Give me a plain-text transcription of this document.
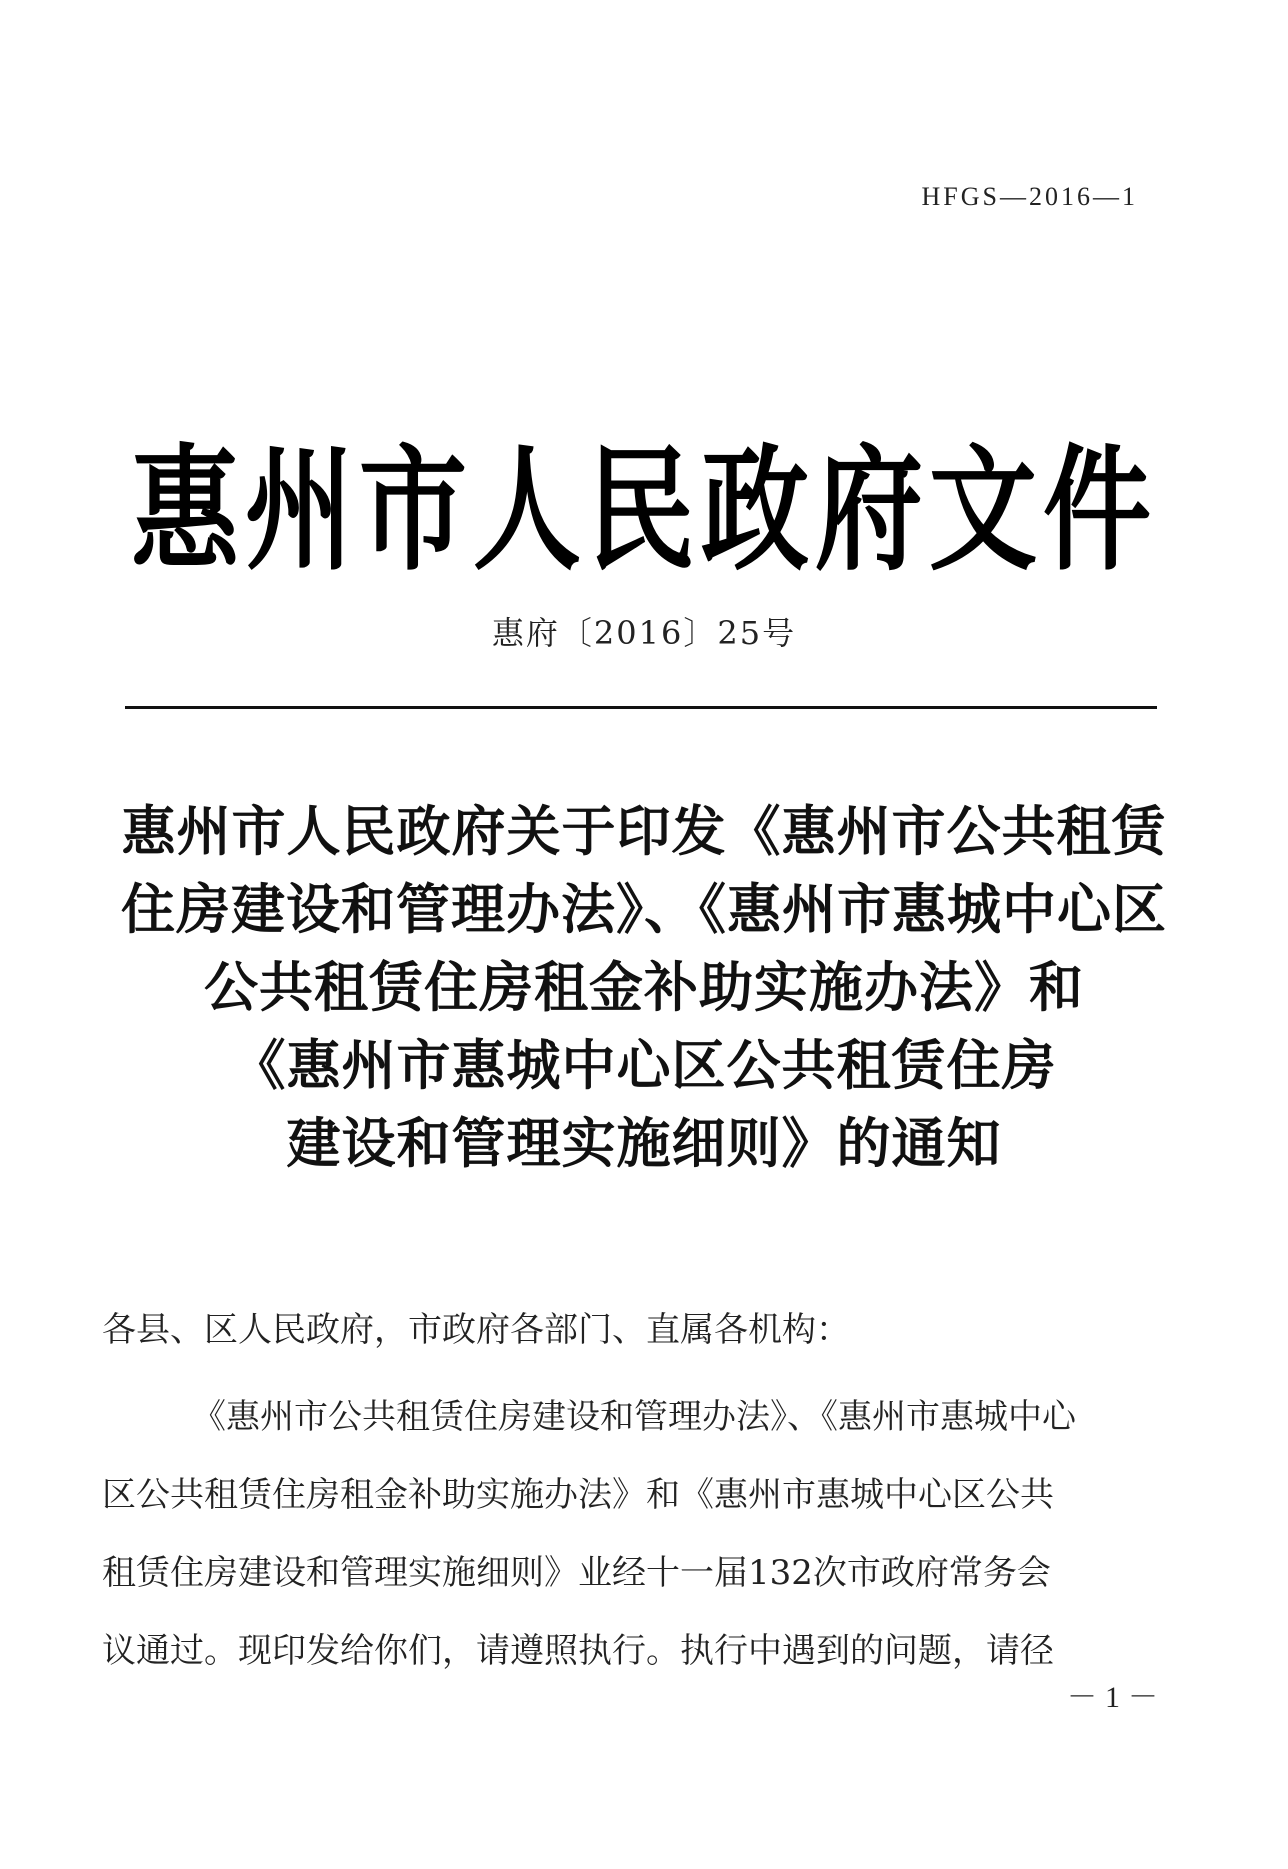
HFGS—2016—1
惠州市人民政府文件
惠府〔2016〕25号
惠州市人民政府关于印发《惠州市公共租赁
住房建设和管理办法》、《惠州市惠城中心区
公共租赁住房租金补助实施办法》和
《惠州市惠城中心区公共租赁住房
建设和管理实施细则》的通知
各县、区人民政府，市政府各部门、直属各机构：
《惠州市公共租赁住房建设和管理办法》、《惠州市惠城中心
区公共租赁住房租金补助实施办法》和《惠州市惠城中心区公共
租赁住房建设和管理实施细则》业经十一届132次市政府常务会
议通过。现印发给你们，请遵照执行。执行中遇到的问题，请径
－1－
